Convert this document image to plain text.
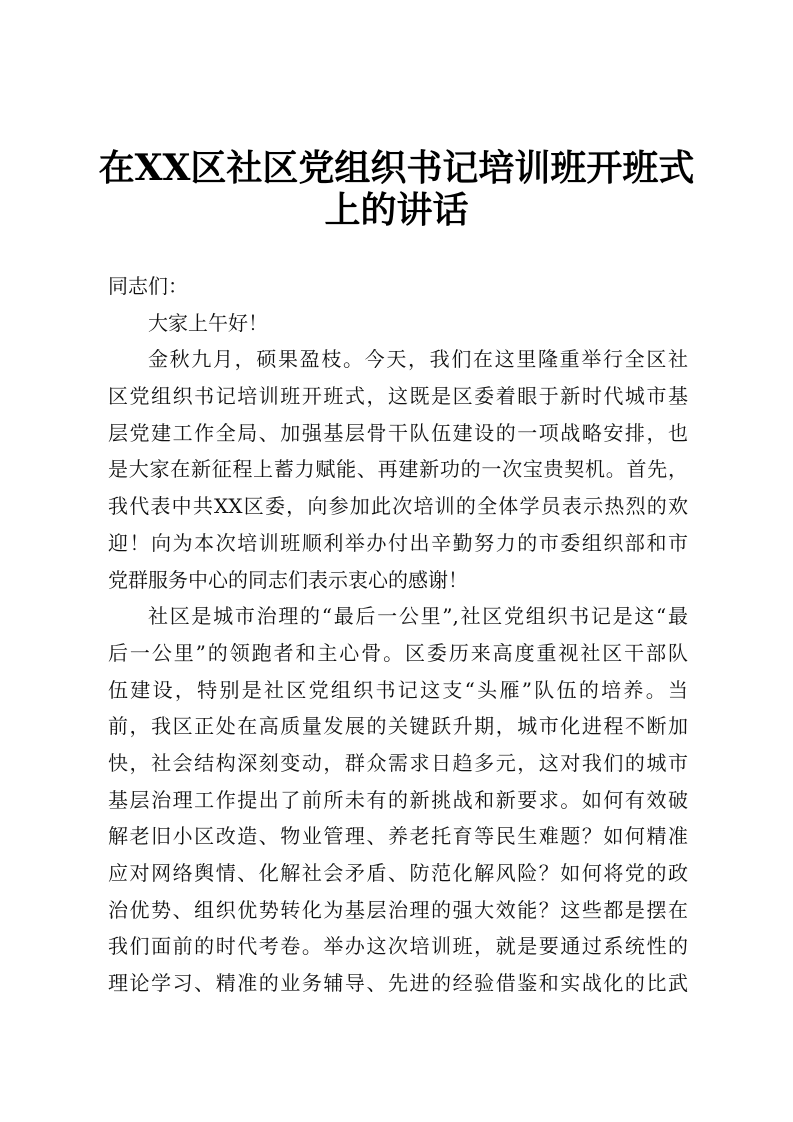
在XX区社区党组织书记培训班开班式
上的讲话
同志们：
大家上午好！
金秋九月，硕果盈枝。今天，我们在这里隆重举行全区社
区党组织书记培训班开班式，这既是区委着眼于新时代城市基
层党建工作全局、加强基层骨干队伍建设的一项战略安排，也
是大家在新征程上蓄力赋能、再建新功的一次宝贵契机。首先，
我代表中共XX区委，向参加此次培训的全体学员表示热烈的欢
迎！向为本次培训班顺利举办付出辛勤努力的市委组织部和市
党群服务中心的同志们表示衷心的感谢！
社区是城市治理的“最后一公里”,社区党组织书记是这“最
后一公里”的领跑者和主心骨。区委历来高度重视社区干部队
伍建设，特别是社区党组织书记这支“头雁”队伍的培养。当
前，我区正处在高质量发展的关键跃升期，城市化进程不断加
快，社会结构深刻变动，群众需求日趋多元，这对我们的城市
基层治理工作提出了前所未有的新挑战和新要求。如何有效破
解老旧小区改造、物业管理、养老托育等民生难题？如何精准
应对网络舆情、化解社会矛盾、防范化解风险？如何将党的政
治优势、组织优势转化为基层治理的强大效能？这些都是摆在
我们面前的时代考卷。举办这次培训班，就是要通过系统性的
理论学习、精准的业务辅导、先进的经验借鉴和实战化的比武
